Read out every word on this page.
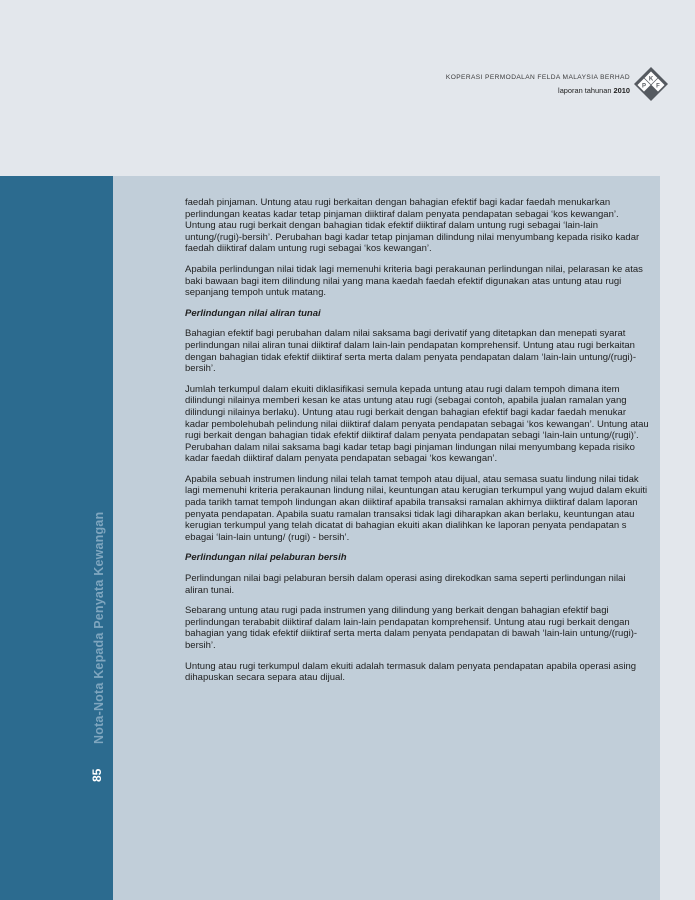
KOPERASI PERMODALAN FELDA MALAYSIA BERHAD
laporan tahunan 2010
K
P F
Nota-Nota Kepada Penyata Kewangan
85

faedah pinjaman. Untung atau rugi berkaitan dengan bahagian efektif bagi kadar faedah menukarkan perlindungan keatas kadar tetap pinjaman diiktiraf dalam penyata pendapatan sebagai ‘kos kewangan’. Untung atau rugi berkait dengan bahagian tidak efektif diiktiraf dalam untung rugi sebagai ‘lain-lain untung/(rugi)-bersih’. Perubahan bagi kadar tetap pinjaman dilindung nilai menyumbang kepada risiko kadar faedah diiktiraf dalam untung rugi sebagai ‘kos kewangan’.

Apabila perlindungan nilai tidak lagi memenuhi kriteria bagi perakaunan perlindungan nilai, pelarasan ke atas baki bawaan bagi item dilindung nilai yang mana kaedah faedah efektif digunakan atas untung atau rugi sepanjang tempoh untuk matang.

Perlindungan nilai aliran tunai

Bahagian efektif bagi perubahan dalam nilai saksama bagi derivatif yang ditetapkan dan menepati syarat perlindungan nilai aliran tunai diiktiraf dalam lain-lain pendapatan komprehensif. Untung atau rugi berkaitan dengan bahagian tidak efektif diiktiraf serta merta dalam penyata pendapatan dalam ‘lain-lain untung/(rugi)-bersih’.

Jumlah terkumpul dalam ekuiti diklasifikasi semula kepada untung atau rugi dalam tempoh dimana item dilindungi nilainya memberi kesan ke atas untung atau rugi (sebagai contoh, apabila jualan ramalan yang dilindungi nilainya berlaku). Untung atau rugi berkait dengan bahagian efektif bagi kadar faedah menukar kadar pembolehubah pelindung nilai diiktiraf dalam penyata pendapatan sebagai ‘kos kewangan’. Untung atau rugi berkait dengan bahagian tidak efektif diiktiraf dalam penyata pendapatan sebagi ‘lain-lain untung/(rugi)’. Perubahan dalam nilai saksama bagi kadar tetap bagi pinjaman lindungan nilai menyumbang kepada risiko kadar faedah diiktiraf dalam penyata pendapatan sebagai ‘kos kewangan’.

Apabila sebuah instrumen lindung nilai telah tamat tempoh atau dijual, atau semasa suatu lindung nilai tidak lagi memenuhi kriteria perakaunan lindung nilai, keuntungan atau kerugian terkumpul yang wujud dalam ekuiti pada tarikh tamat tempoh lindungan akan diiktiraf apabila transaksi ramalan akhirnya diiktiraf dalam laporan penyata pendapatan. Apabila suatu ramalan transaksi tidak lagi diharapkan akan berlaku, keuntungan atau kerugian terkumpul yang telah dicatat di bahagian ekuiti akan dialihkan ke laporan penyata pendapatan s ebagai ‘lain-lain untung/ (rugi) - bersih’.

Perlindungan nilai pelaburan bersih

Perlindungan nilai bagi pelaburan bersih dalam operasi asing direkodkan sama seperti perlindungan nilai aliran tunai.

Sebarang untung atau rugi pada instrumen yang dilindung yang berkait dengan bahagian efektif bagi perlindungan terababit diiktiraf dalam lain-lain pendapatan komprehensif. Untung atau rugi berkait dengan bahagian yang tidak efektif diiktiraf serta merta dalam penyata pendapatan di bawah ‘lain-lain untung/(rugi)-bersih’.

Untung atau rugi terkumpul dalam ekuiti adalah termasuk dalam penyata pendapatan apabila operasi asing dihapuskan secara separa atau dijual.
